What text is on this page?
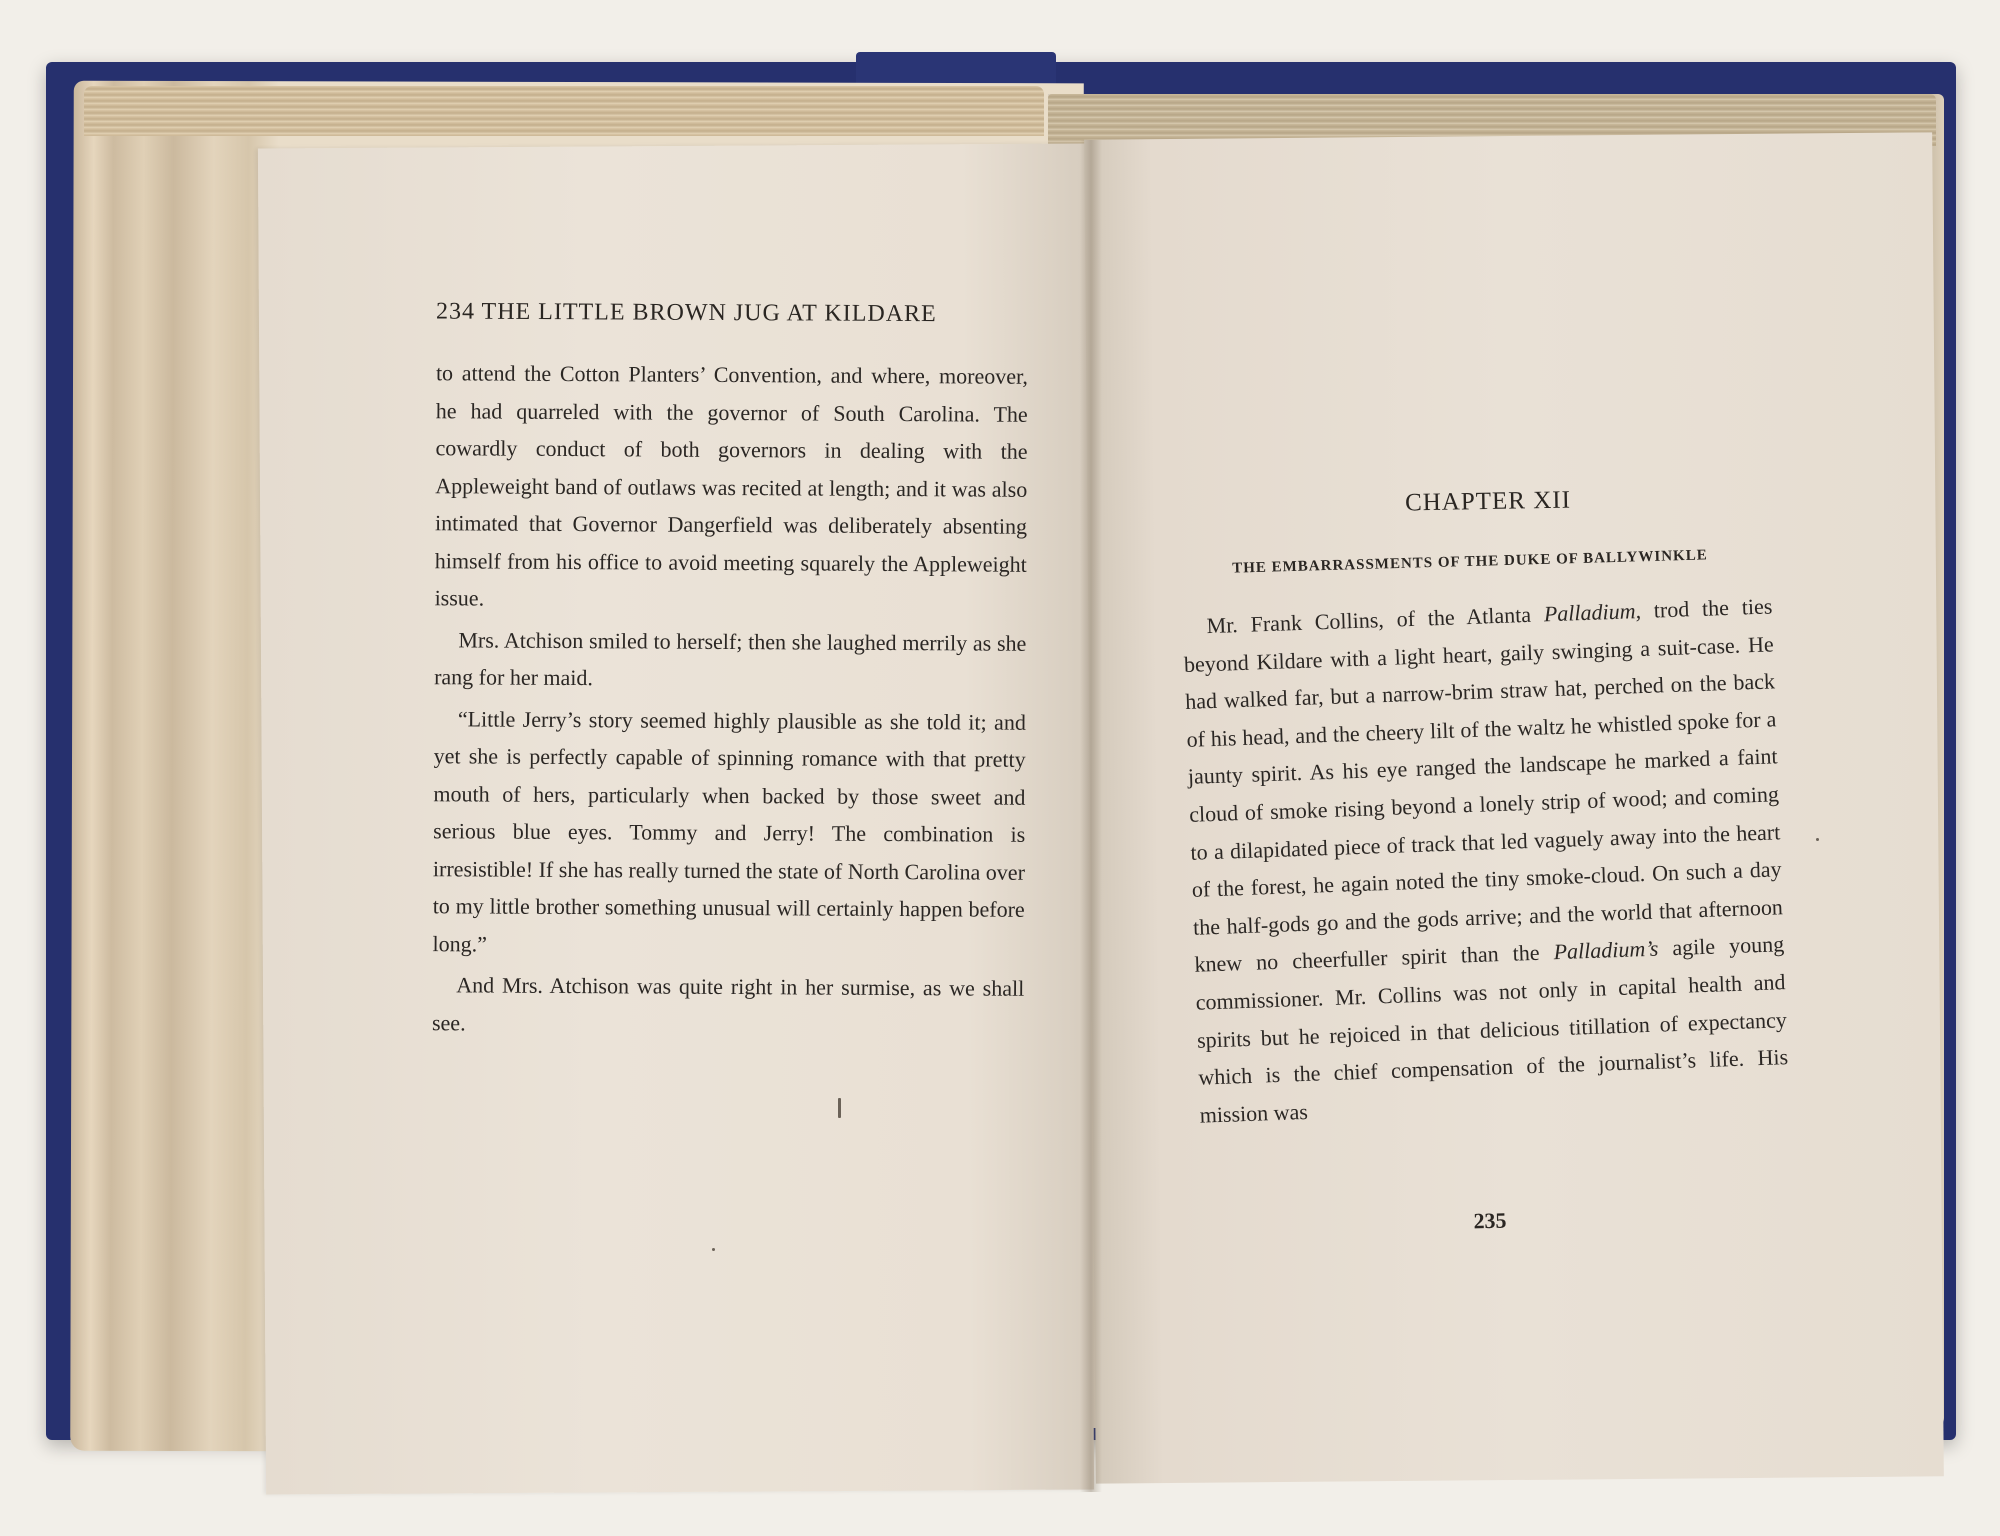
234 THE LITTLE BROWN JUG AT KILDARE

to attend the Cotton Planters’ Convention, and where, moreover, he had quarreled with the governor of South Carolina. The cowardly conduct of both governors in dealing with the Appleweight band of outlaws was recited at length; and it was also intimated that Governor Dangerfield was deliberately absenting himself from his office to avoid meeting squarely the Appleweight issue.

Mrs. Atchison smiled to herself; then she laughed merrily as she rang for her maid.

“Little Jerry’s story seemed highly plausible as she told it; and yet she is perfectly capable of spinning romance with that pretty mouth of hers, particularly when backed by those sweet and serious blue eyes. Tommy and Jerry! The combination is irresistible! If she has really turned the state of North Carolina over to my little brother something unusual will certainly happen before long.”

And Mrs. Atchison was quite right in her surmise, as we shall see.

CHAPTER XII
THE EMBARRASSMENTS OF THE DUKE OF BALLYWINKLE

Mr. Frank Collins, of the Atlanta Palladium, trod the ties beyond Kildare with a light heart, gaily swinging a suit-case. He had walked far, but a narrow-brim straw hat, perched on the back of his head, and the cheery lilt of the waltz he whistled spoke for a jaunty spirit. As his eye ranged the landscape he marked a faint cloud of smoke rising beyond a lonely strip of wood; and coming to a dilapidated piece of track that led vaguely away into the heart of the forest, he again noted the tiny smoke-cloud. On such a day the half-gods go and the gods arrive; and the world that afternoon knew no cheerfuller spirit than the Palladium’s agile young commissioner. Mr. Collins was not only in capital health and spirits but he rejoiced in that delicious titillation of expectancy which is the chief compensation of the journalist’s life. His mission was

235
